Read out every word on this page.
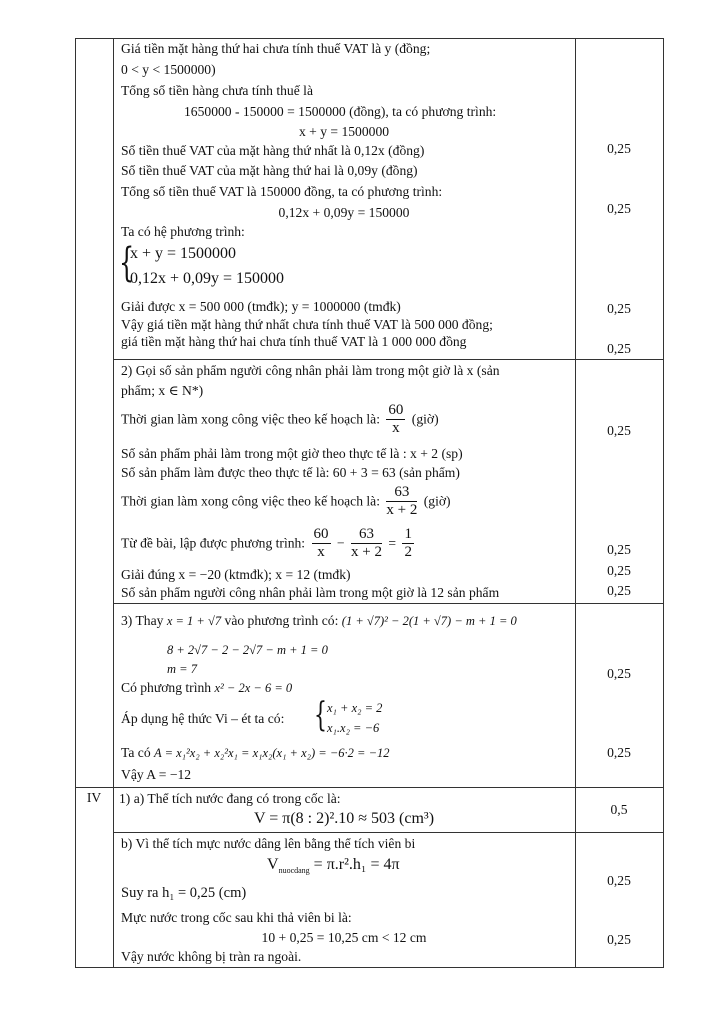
Giá tiền mặt hàng thứ hai chưa tính thuế VAT là y (đồng;
0 < y < 1500000)
Tổng số tiền hàng chưa tính thuế là
1650000 - 150000 = 1500000 (đồng), ta có phương trình:
x + y = 1500000
Số tiền thuế VAT của mặt hàng thứ nhất là 0,12x (đồng)
Số tiền thuế VAT của mặt hàng thứ hai là 0,09y (đồng)
Tổng số tiền thuế VAT là 150000 đồng, ta có phương trình:
0,12x + 0,09y = 150000
Ta có hệ phương trình:
{
x + y = 1500000
0,12x + 0,09y = 150000
Giải được x = 500 000 (tmđk); y = 1000000 (tmđk)
Vậy giá tiền mặt hàng thứ nhất chưa tính thuế VAT là 500 000 đồng;
giá tiền mặt hàng thứ hai chưa tính thuế VAT là 1 000 000 đồng
0,25
0,25
0,25
0,25
2) Gọi số sản phẩm người công nhân phải làm trong một giờ là x (sản
phẩm; x ∈ N*)
Thời gian làm xong công việc theo kế hoạch là: $\frac{60}{x}$ (giờ)
Số sản phẩm phải làm trong một giờ theo thực tế là : x + 2 (sp)
Số sản phẩm làm được theo thực tế là: 60 + 3 = 63 (sản phẩm)
Thời gian làm xong công việc theo kế hoạch là: $\frac{63}{x + 2}$ (giờ)
Từ đề bài, lập được phương trình: $\frac{60}{x} - \frac{63}{x + 2} = \frac{1}{2}$
Giải đúng x = −20 (ktmđk); x = 12 (tmđk)
Số sản phẩm người công nhân phải làm trong một giờ là 12 sản phẩm
0,25
0,25
0,25
0,25
3) Thay x = 1 + √7 vào phương trình có: (1 + √7)² − 2(1 + √7) − m + 1 = 0
8 + 2√7 − 2 − 2√7 − m + 1 = 0
m = 7
Có phương trình x² − 2x − 6 = 0
Áp dụng hệ thức Vi – ét ta có: { x₁ + x₂ = 2
x₁.x₂ = −6
Ta có A = x₁²x₂ + x₂²x₁ = x₁x₂(x₁ + x₂) = −6·2 = −12
Vậy A = −12
0,25
0,25
IV	1) a) Thể tích nước đang có trong cốc là:
V = π(8 : 2)².10 ≈ 503 (cm³)
0,5
b) Vì thể tích mực nước dâng lên bằng thể tích viên bi
$V_{nuocdang} = \pi.r^2.h_1 = 4\pi$
Suy ra h₁ = 0,25 (cm)
Mực nước trong cốc sau khi thả viên bi là:
10 + 0,25 = 10,25 cm < 12 cm
Vậy nước không bị tràn ra ngoài.
0,25
0,25
